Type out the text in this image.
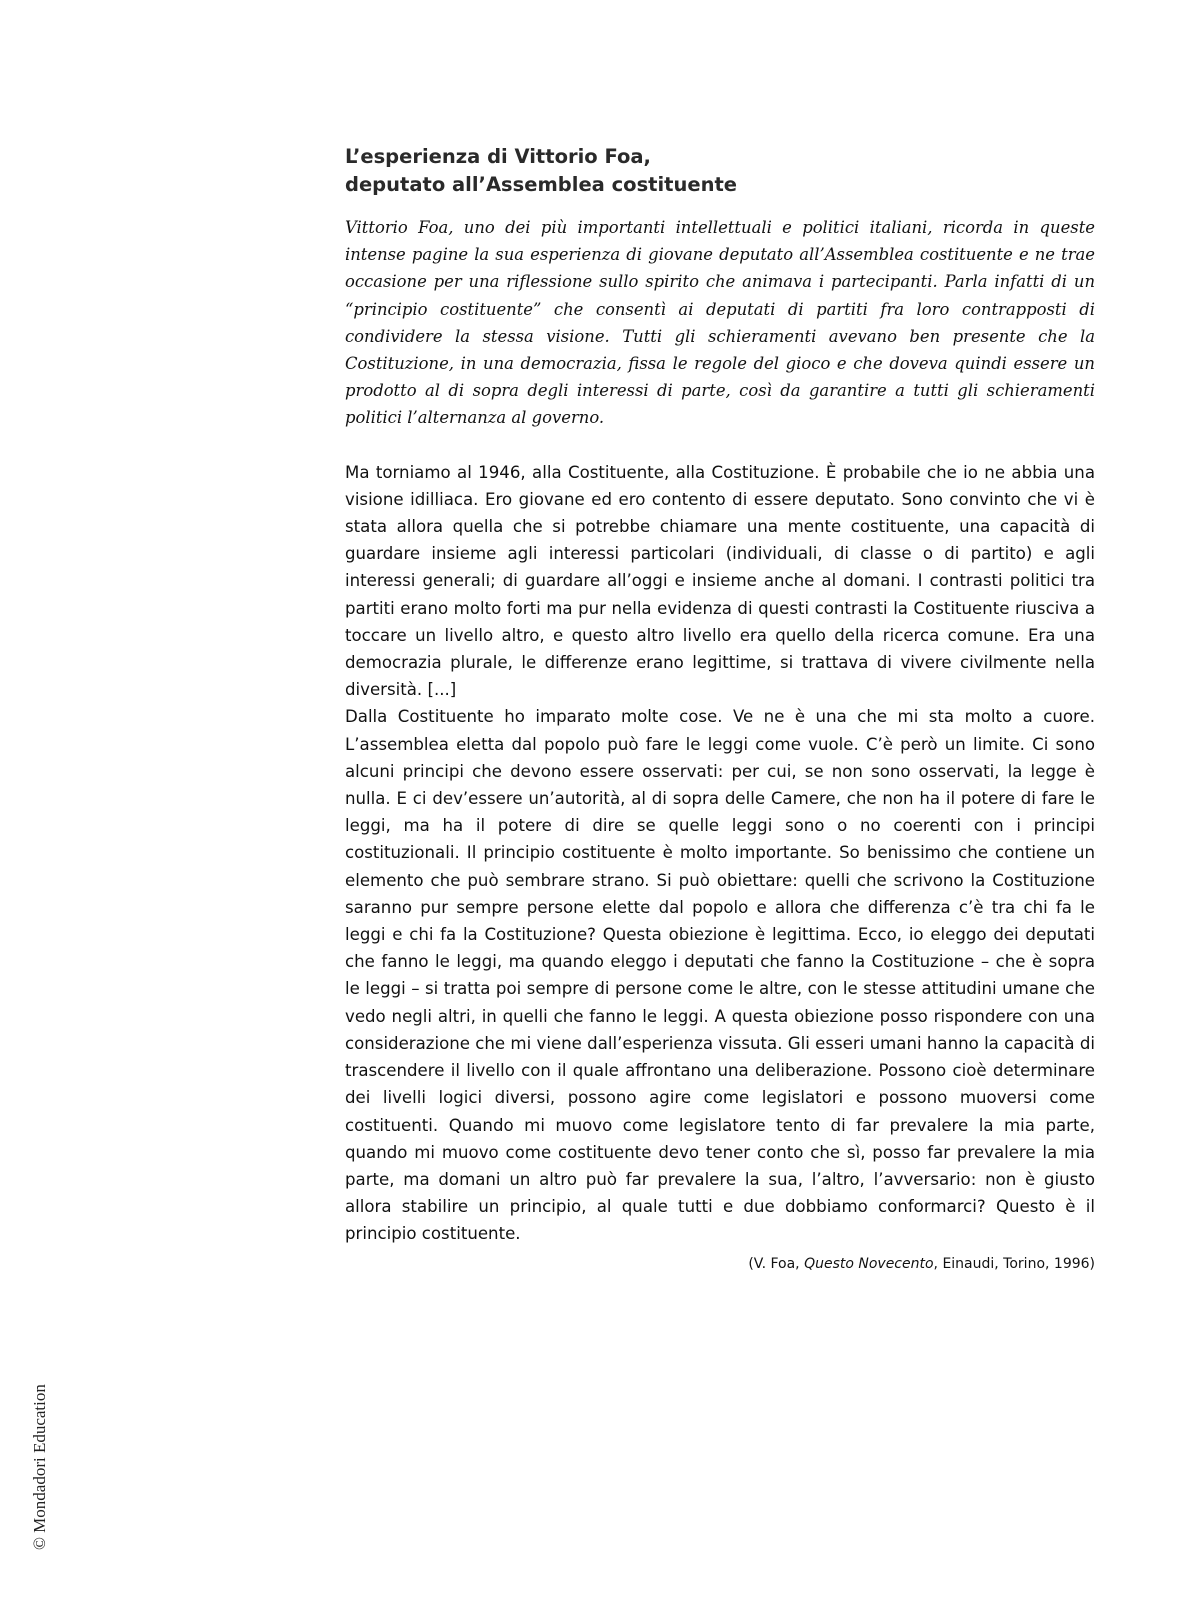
L’esperienza di Vittorio Foa,
deputato all’Assemblea costituente

Vittorio Foa, uno dei più importanti intellettuali e politici italiani, ricorda in queste intense pagine la sua esperienza di giovane deputato all’Assemblea costituente e ne trae occasione per una riflessione sullo spirito che animava i partecipanti. Parla infatti di un “principio costituente” che consentì ai deputati di partiti fra loro contrapposti di condividere la stessa visione. Tutti gli schieramenti avevano ben presente che la Costituzione, in una democrazia, fissa le regole del gioco e che doveva quindi essere un prodotto al di sopra degli interessi di parte, così da garantire a tutti gli schieramenti politici l’alternanza al governo.

Ma torniamo al 1946, alla Costituente, alla Costituzione. È probabile che io ne abbia una visione idilliaca. Ero giovane ed ero contento di essere deputato. Sono convinto che vi è stata allora quella che si potrebbe chiamare una mente costituente, una capacità di guardare insieme agli interessi particolari (individuali, di classe o di partito) e agli interessi generali; di guardare all’oggi e insieme anche al domani. I contrasti politici tra partiti erano molto forti ma pur nella evidenza di questi contrasti la Costituente riusciva a toccare un livello altro, e questo altro livello era quello della ricerca comune. Era una democrazia plurale, le differenze erano legittime, si trattava di vivere civilmente nella diversità. [...]

Dalla Costituente ho imparato molte cose. Ve ne è una che mi sta molto a cuore. L’assemblea eletta dal popolo può fare le leggi come vuole. C’è però un limite. Ci sono alcuni principi che devono essere osservati: per cui, se non sono osservati, la legge è nulla. E ci dev’essere un’autorità, al di sopra delle Camere, che non ha il potere di fare le leggi, ma ha il potere di dire se quelle leggi sono o no coerenti con i principi costituzionali. Il principio costituente è molto importante. So benissimo che contiene un elemento che può sembrare strano. Si può obiettare: quelli che scrivono la Costituzione saranno pur sempre persone elette dal popolo e allora che differenza c’è tra chi fa le leggi e chi fa la Costituzione? Questa obiezione è legittima. Ecco, io eleggo dei deputati che fanno le leggi, ma quando eleggo i deputati che fanno la Costituzione – che è sopra le leggi – si tratta poi sempre di persone come le altre, con le stesse attitudini umane che vedo negli altri, in quelli che fanno le leggi. A questa obiezione posso rispondere con una considerazione che mi viene dall’esperienza vissuta. Gli esseri umani hanno la capacità di trascendere il livello con il quale affrontano una deliberazione. Possono cioè determinare dei livelli logici diversi, possono agire come legislatori e possono muoversi come costituenti. Quando mi muovo come legislatore tento di far prevalere la mia parte, quando mi muovo come costituente devo tener conto che sì, posso far prevalere la mia parte, ma domani un altro può far prevalere la sua, l’altro, l’avversario: non è giusto allora stabilire un principio, al quale tutti e due dobbiamo conformarci? Questo è il principio costituente.

(V. Foa, Questo Novecento, Einaudi, Torino, 1996)

© Mondadori Education
